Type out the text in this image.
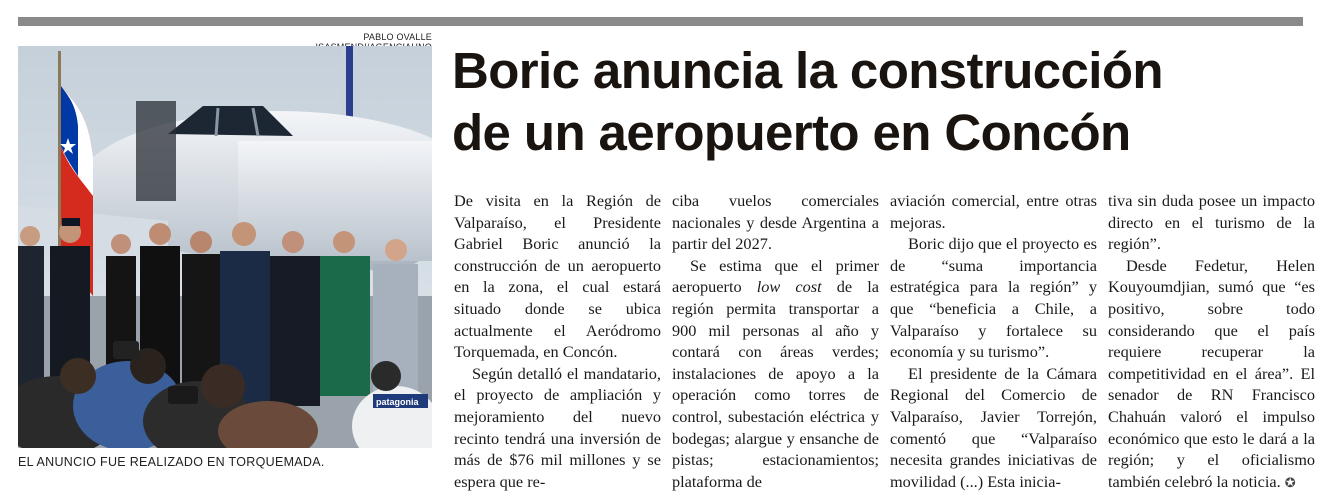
PABLO OVALLE
patagonia
EL ANUNCIO FUE REALIZADO EN TORQUEMADA.
Boric anuncia la construcción
de un aeropuerto en Concón

De visita en la Región de Valparaíso, el Presidente Gabriel Boric anunció la construcción de un aeropuerto en la zona, el cual estará situado donde se ubica actualmente el Aeródromo Torquemada, en Concón.

Según detalló el mandatario, el proyecto de ampliación y mejoramiento del nuevo recinto tendrá una inversión de más de $76 mil millones y se espera que re-

ciba vuelos comerciales nacionales y desde Argentina a partir del 2027.

Se estima que el primer aeropuerto low cost de la región permita transportar a 900 mil personas al año y contará con áreas verdes; instalaciones de apoyo a la operación como torres de control, subestación eléctrica y bodegas; alargue y ensanche de pistas; estacionamientos; plataforma de

aviación comercial, entre otras mejoras.

Boric dijo que el proyecto es de “suma importancia estratégica para la región” y que “beneficia a Chile, a Valparaíso y fortalece su economía y su turismo”.

El presidente de la Cámara Regional del Comercio de Valparaíso, Javier Torrejón, comentó que “Valparaíso necesita grandes iniciativas de movilidad (...) Esta inicia-

tiva sin duda posee un impacto directo en el turismo de la región”.

Desde Fedetur, Helen Kouyoumdjian, sumó que “es positivo, sobre todo considerando que el país requiere recuperar la competitividad en el área”. El senador de RN Francisco Chahuán valoró el impulso económico que esto le dará a la región; y el oficialismo también celebró la noticia. ✪
